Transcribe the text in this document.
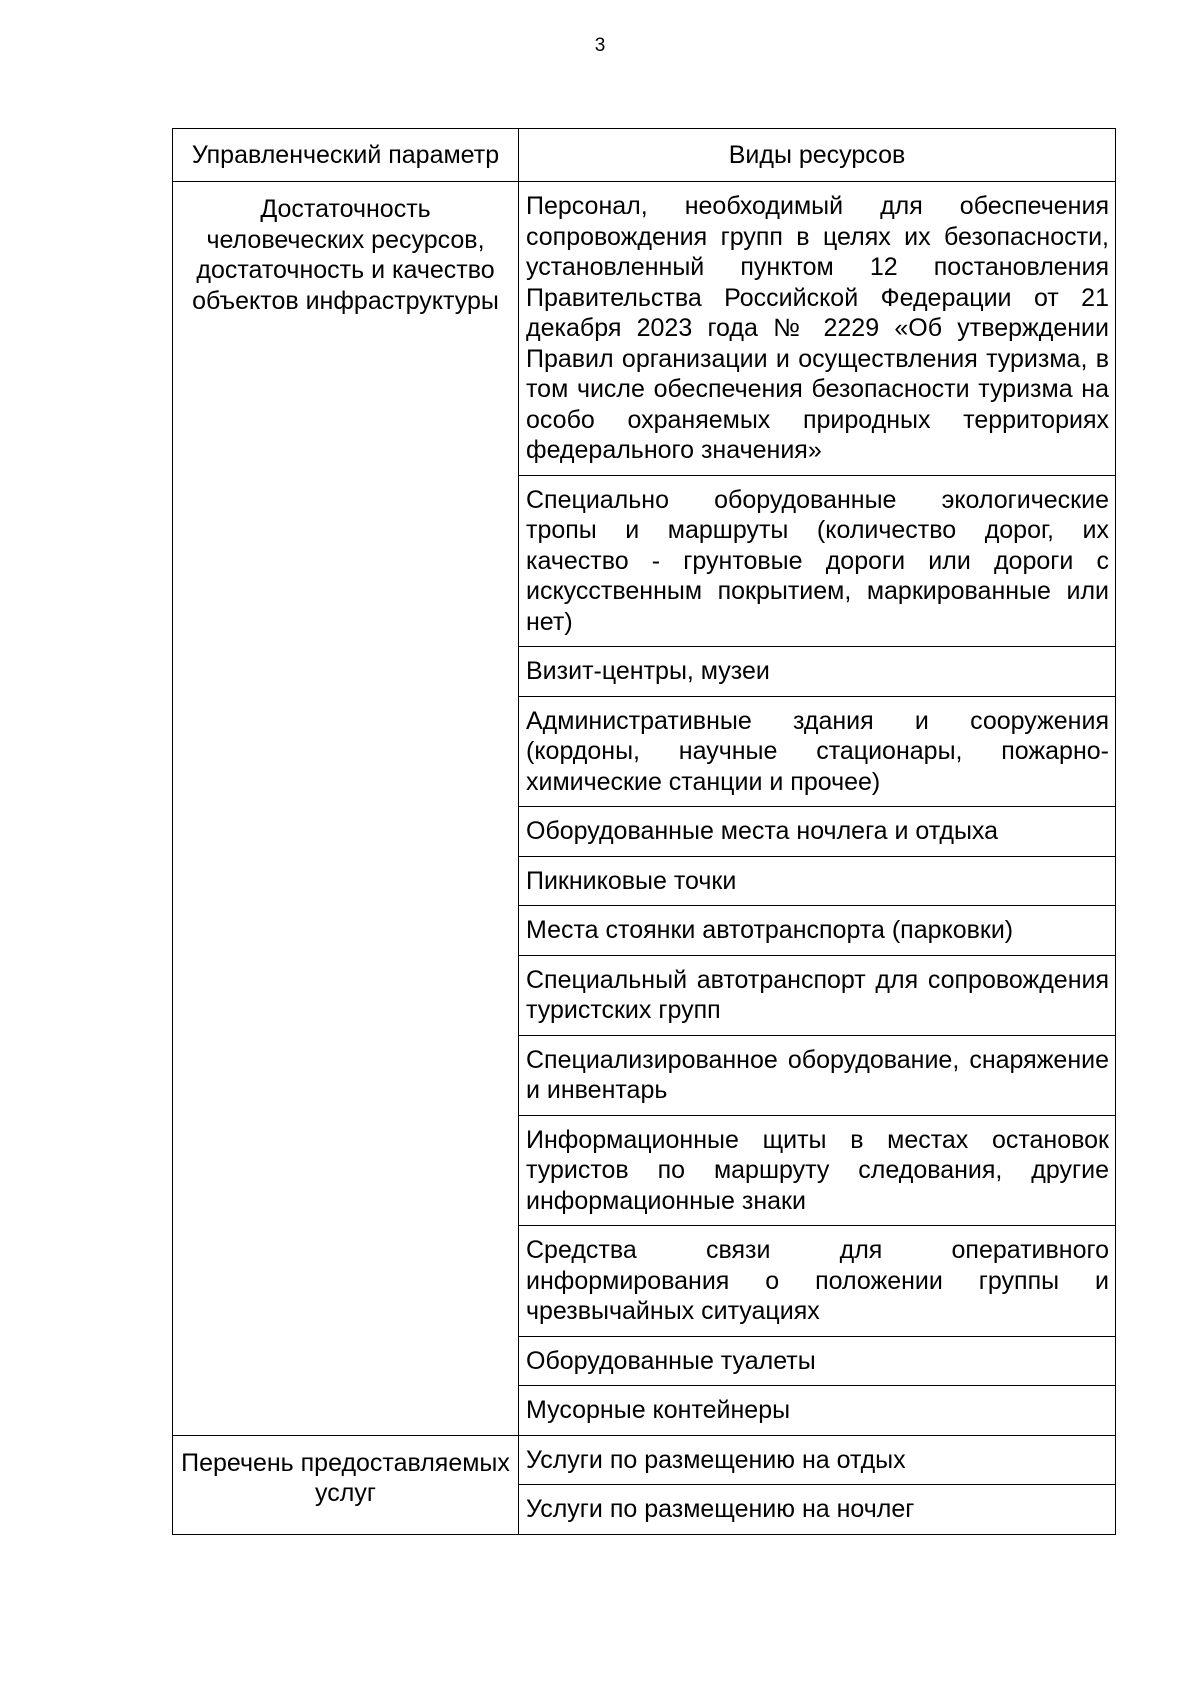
3
Управленческий параметр	Виды ресурсов
Достаточность человеческих ресурсов, достаточность и качество объектов инфраструктуры	Персонал, необходимый для обеспечения сопровождения групп в целях их безопасности, установленный пунктом 12 постановления Правительства Российской Федерации от 21 декабря 2023 года № 2229 «Об утверждении Правил организации и осуществления туризма, в том числе обеспечения безопасности туризма на особо охраняемых природных территориях федерального значения»
	Специально оборудованные экологические тропы и маршруты (количество дорог, их качество - грунтовые дороги или дороги с искусственным покрытием, маркированные или нет)
	Визит-центры, музеи
	Административные здания и сооружения (кордоны, научные стационары, пожарно-химические станции и прочее)
	Оборудованные места ночлега и отдыха
	Пикниковые точки
	Места стоянки автотранспорта (парковки)
	Специальный автотранспорт для сопровождения туристских групп
	Специализированное оборудование, снаряжение и инвентарь
	Информационные щиты в местах остановок туристов по маршруту следования, другие информационные знаки
	Средства связи для оперативного информирования о положении группы и чрезвычайных ситуациях
	Оборудованные туалеты
	Мусорные контейнеры
Перечень предоставляемых услуг	Услуги по размещению на отдых
	Услуги по размещению на ночлег
